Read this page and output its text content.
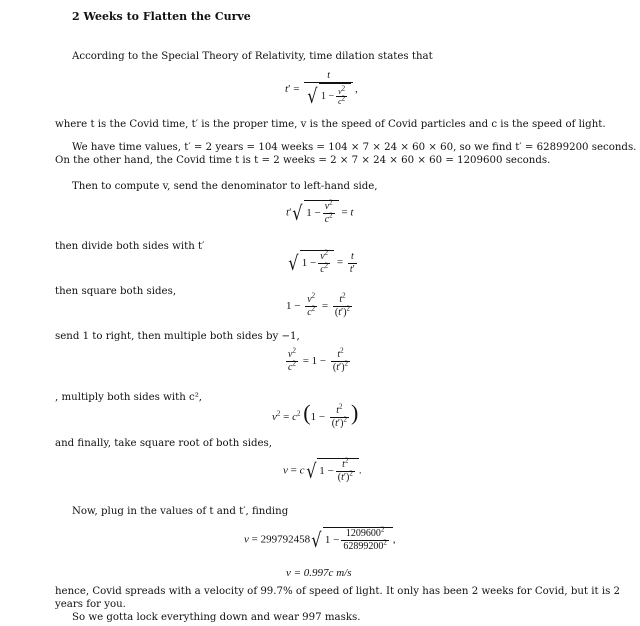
2 Weeks to Flatten the Curve
According to the Special Theory of Relativity, time dilation states that
$t' = \frac{t}{√ 1 - \frac{v^2}{c^2}}$ ,
where t is the Covid time, t′ is the proper time, v is the speed of Covid particles and c is the speed of light.
We have time values, t′ = 2 years = 104 weeks = 104 × 7 × 24 × 60 × 60, so we find t′ = 62899200 seconds.
On the other hand, the Covid time t is t = 2 weeks = 2 × 7 × 24 × 60 × 60 = 1209600 seconds.
Then to compute v, send the denominator to left-hand side,
t′ √ $1 - \frac{v^2}{c^2} = t$
then divide both sides with t′
√ $1 - \frac{v^2}{c^2} = \frac{t}{t'}$
then square both sides,
$1 - \frac{v^2}{c^2} = \frac{t^2}{(t')^2}$
send 1 to right, then multiple both sides by −1,
$\frac{v^2}{c^2} = 1 - \frac{t^2}{(t')^2}$
, multiply both sides with c²,
$v^2 = c^2$ ($1 - \frac{t^2}{(t')^2}$ )
and finally, take square root of both sides,
v = c √ $1 - \frac{t^2}{(t')^2}$ .
Now, plug in the values of t and t′, finding
v = 299792458 √ $1 - \frac{1209600^2}{62899200^2}$ ,
v = 0.997c m/s
hence, Covid spreads with a velocity of 99.7% of speed of light. It only has been 2 weeks for Covid, but it is 2
years for you.
So we gotta lock everything down and wear 997 masks.
